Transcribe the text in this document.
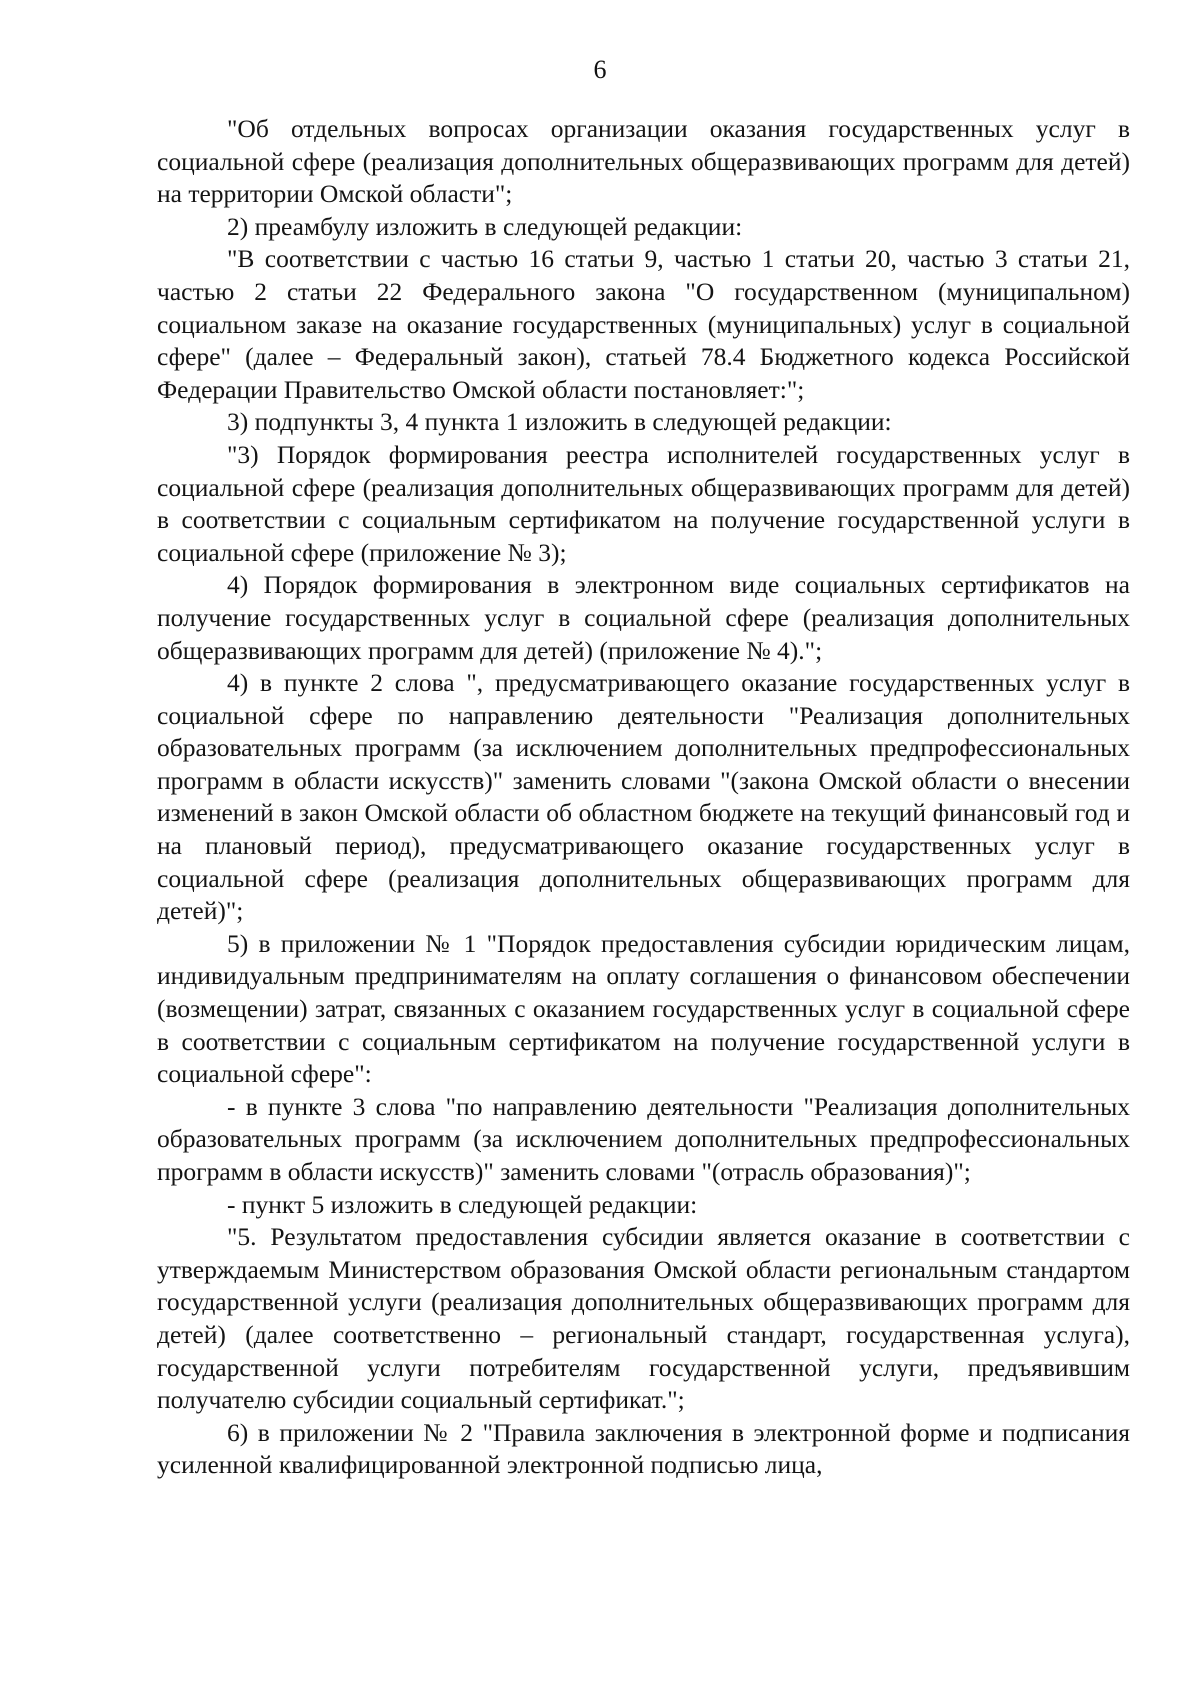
6

"Об отдельных вопросах организации оказания государственных услуг в социальной сфере (реализация дополнительных общеразвивающих программ для детей) на территории Омской области";

2) преамбулу изложить в следующей редакции:

"В соответствии с частью 16 статьи 9, частью 1 статьи 20, частью 3 статьи 21, частью 2 статьи 22 Федерального закона "О государственном (муниципальном) социальном заказе на оказание государственных (муниципальных) услуг в социальной сфере" (далее – Федеральный закон), статьей 78.4 Бюджетного кодекса Российской Федерации Правительство Омской области постановляет:";

3) подпункты 3, 4 пункта 1 изложить в следующей редакции:

"3) Порядок формирования реестра исполнителей государственных услуг в социальной сфере (реализация дополнительных общеразвивающих программ для детей) в соответствии с социальным сертификатом на получение государственной услуги в социальной сфере (приложение № 3);

4) Порядок формирования в электронном виде социальных сертификатов на получение государственных услуг в социальной сфере (реализация дополнительных общеразвивающих программ для детей) (приложение № 4).";

4) в пункте 2 слова ", предусматривающего оказание государственных услуг в социальной сфере по направлению деятельности "Реализация дополнительных образовательных программ (за исключением дополнительных предпрофессиональных программ в области искусств)" заменить словами "(закона Омской области о внесении изменений в закон Омской области об областном бюджете на текущий финансовый год и на плановый период), предусматривающего оказание государственных услуг в социальной сфере (реализация дополнительных общеразвивающих программ для детей)";

5) в приложении № 1 "Порядок предоставления субсидии юридическим лицам, индивидуальным предпринимателям на оплату соглашения о финансовом обеспечении (возмещении) затрат, связанных с оказанием государственных услуг в социальной сфере в соответствии с социальным сертификатом на получение государственной услуги в социальной сфере":

- в пункте 3 слова "по направлению деятельности "Реализация дополнительных образовательных программ (за исключением дополнительных предпрофессиональных программ в области искусств)" заменить словами "(отрасль образования)";

- пункт 5 изложить в следующей редакции:

"5. Результатом предоставления субсидии является оказание в соответствии с утверждаемым Министерством образования Омской области региональным стандартом государственной услуги (реализация дополнительных общеразвивающих программ для детей) (далее соответственно – региональный стандарт, государственная услуга), государственной услуги потребителям государственной услуги, предъявившим получателю субсидии социальный сертификат.";

6) в приложении № 2 "Правила заключения в электронной форме и подписания усиленной квалифицированной электронной подписью лица,
